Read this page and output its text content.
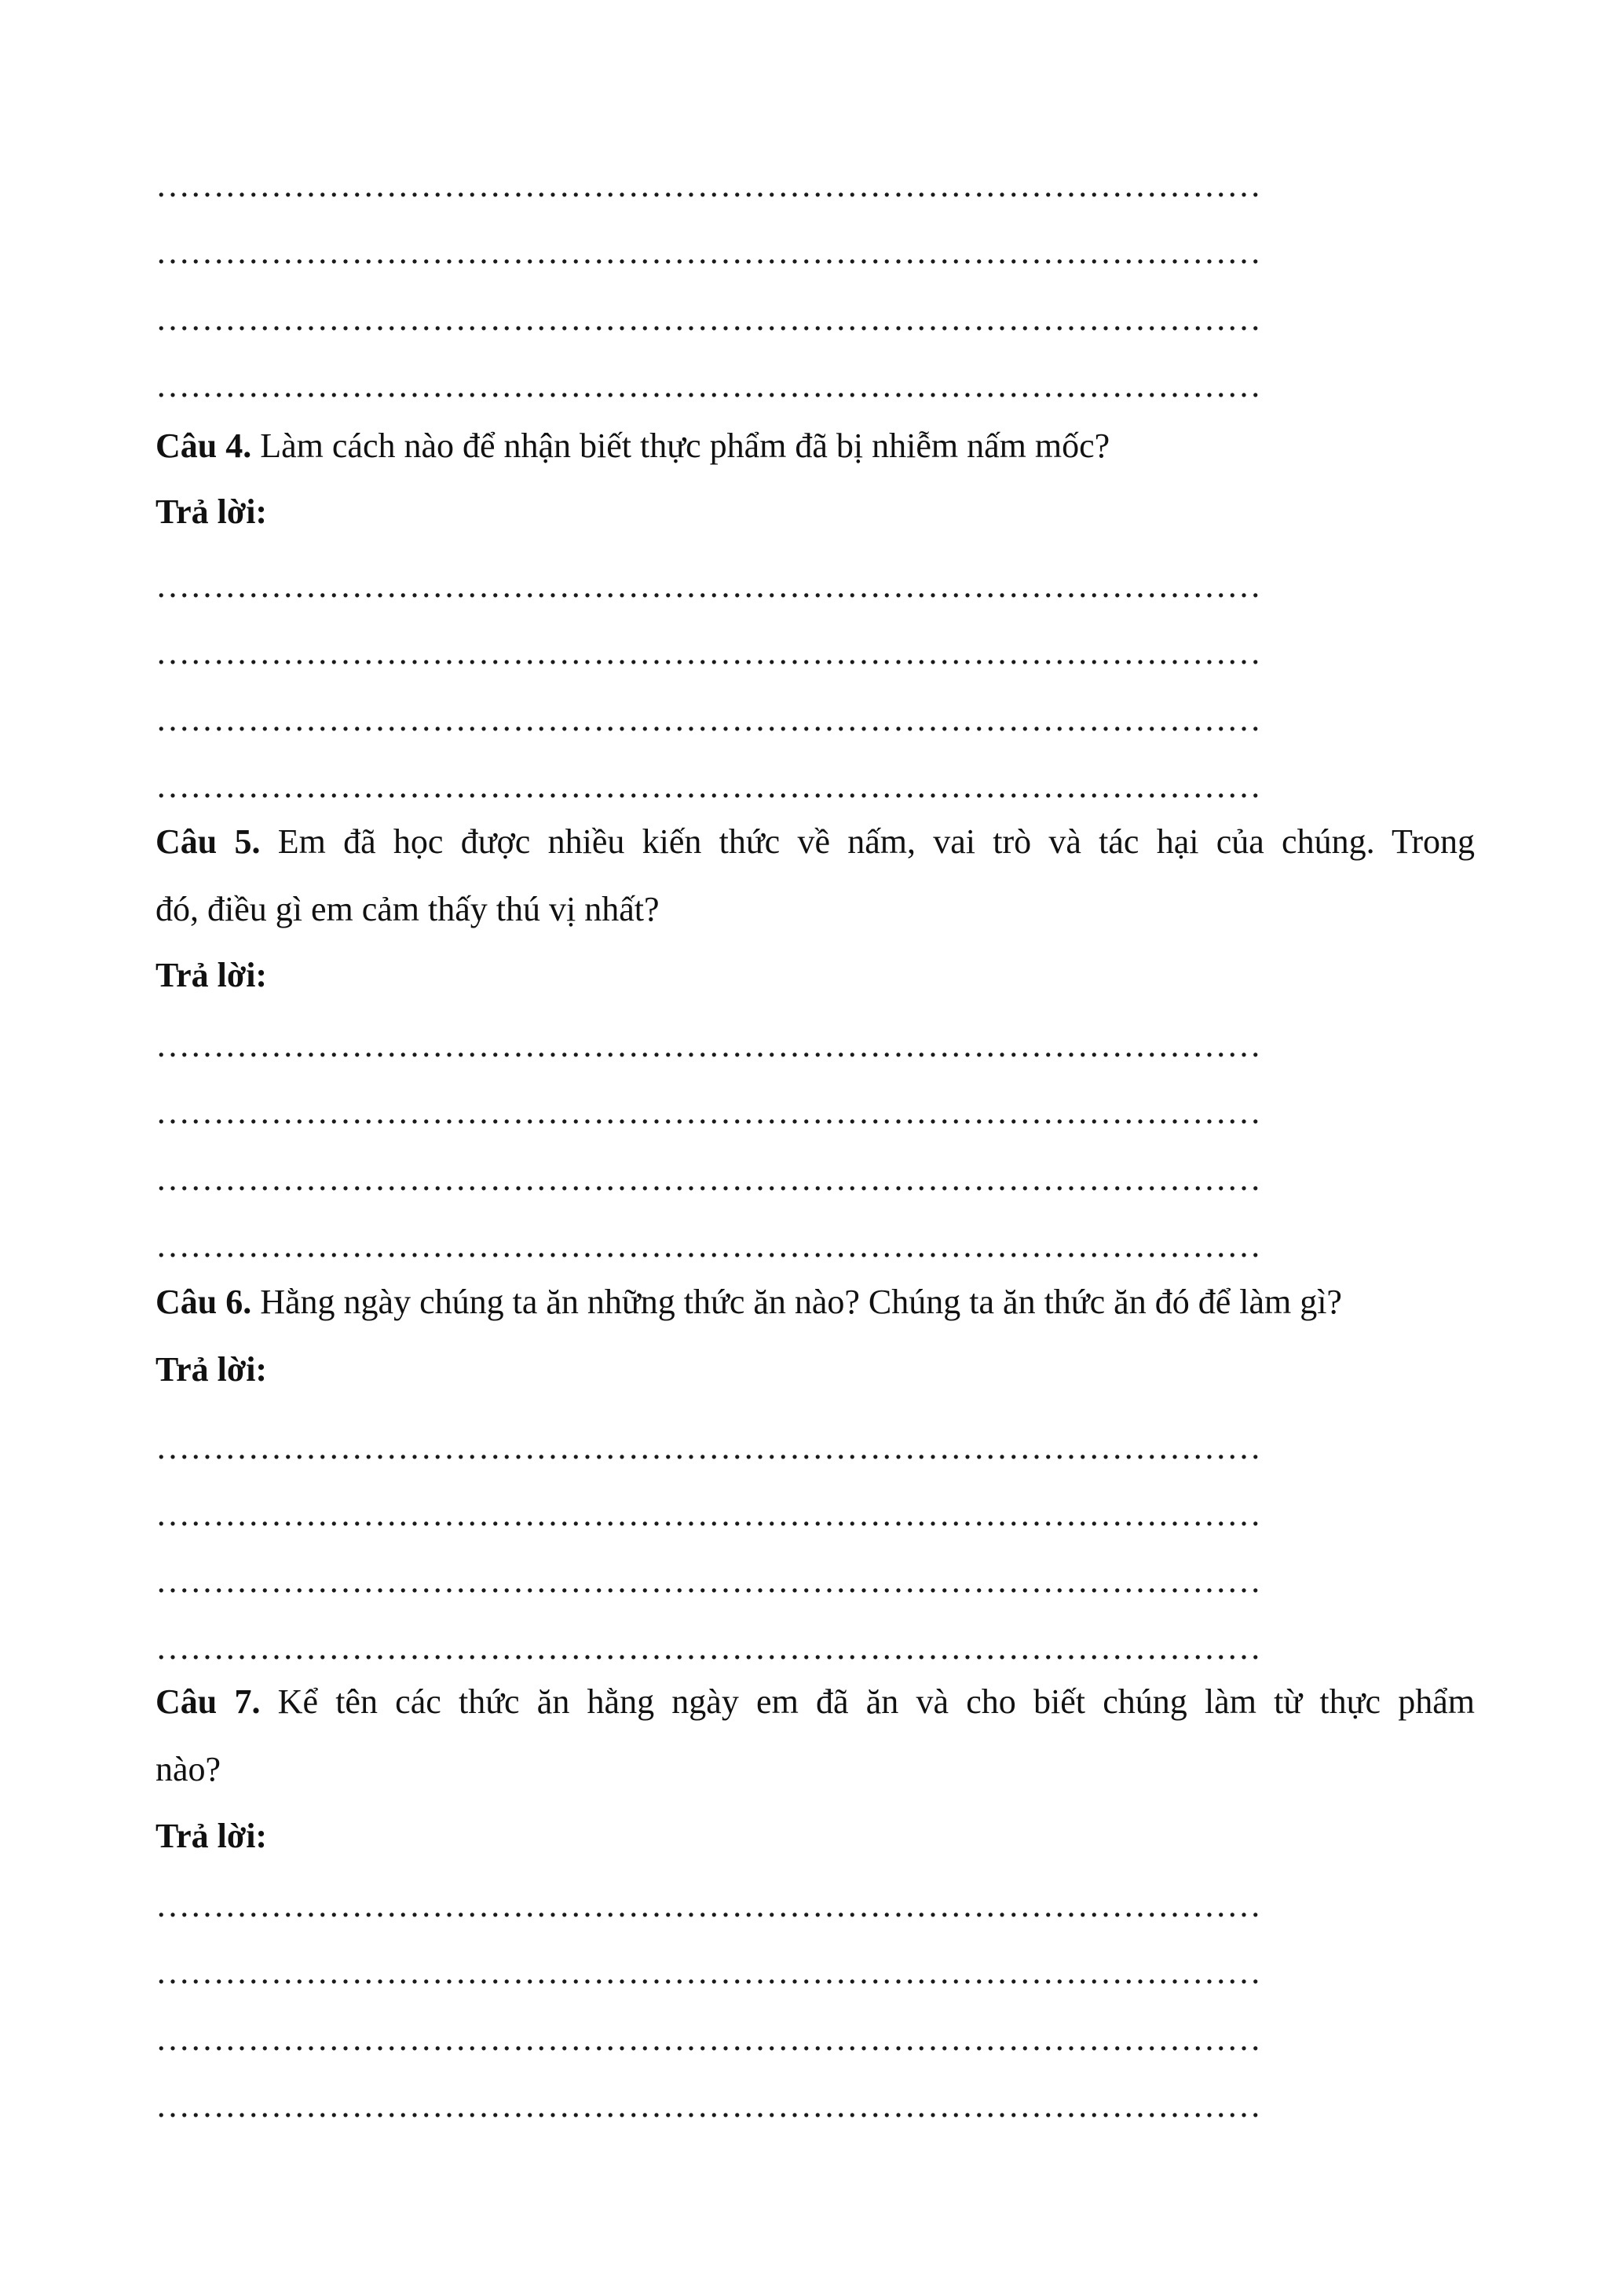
……………………………………………………………………………………
……………………………………………………………………………………
……………………………………………………………………………………
……………………………………………………………………………………
Câu 4. Làm cách nào để nhận biết thực phẩm đã bị nhiễm nấm mốc?
Trả lời:
……………………………………………………………………………………
……………………………………………………………………………………
……………………………………………………………………………………
……………………………………………………………………………………
Câu 5. Em đã học được nhiều kiến thức về nấm, vai trò và tác hại của chúng. Trong
đó, điều gì em cảm thấy thú vị nhất?
Trả lời:
……………………………………………………………………………………
……………………………………………………………………………………
……………………………………………………………………………………
……………………………………………………………………………………
Câu 6. Hằng ngày chúng ta ăn những thức ăn nào? Chúng ta ăn thức ăn đó để làm gì?
Trả lời:
……………………………………………………………………………………
……………………………………………………………………………………
……………………………………………………………………………………
……………………………………………………………………………………
Câu 7. Kể tên các thức ăn hằng ngày em đã ăn và cho biết chúng làm từ thực phẩm
nào?
Trả lời:
……………………………………………………………………………………
……………………………………………………………………………………
……………………………………………………………………………………
……………………………………………………………………………………
